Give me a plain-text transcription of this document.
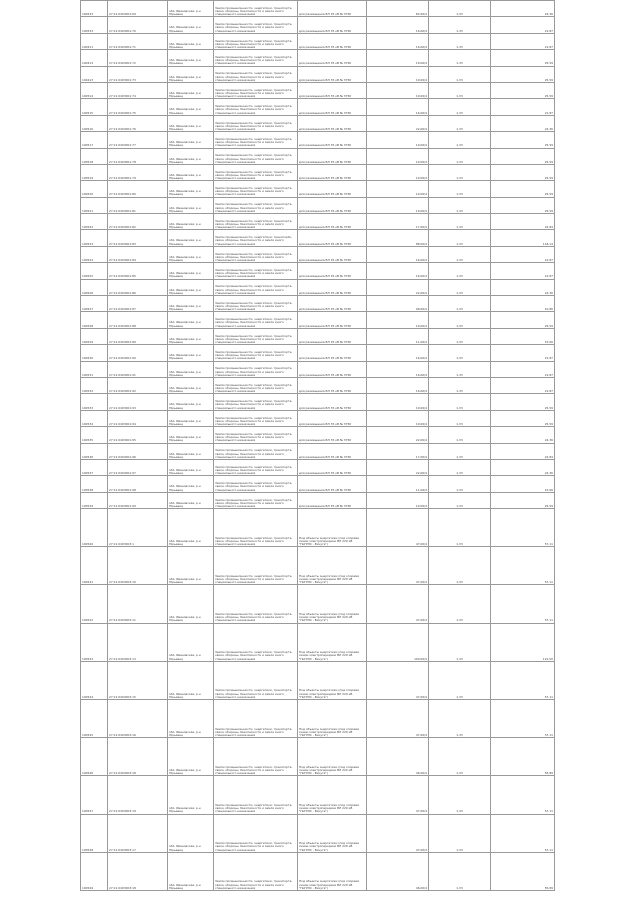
100533	27:21:0403001:69	обл. Ивановская, р-н Юрьевец	Земли промышленности, энергетики, транспорта, связи, обороны, безопасности и земли иного специального назначения	для размещения ВЛ 35 кВ № 375б	82,60/4	1,33	24,36
100533	27:21:0403001:70	обл. Ивановская, р-н Юрьевец	Земли промышленности, энергетики, транспорта, связи, обороны, безопасности и земли иного специального назначения	для размещения ВЛ 35 кВ № 375б	16,00/4	1,33	21,87
100411	27:21:0403001:71	обл. Ивановская, р-н Юрьевец	Земли промышленности, энергетики, транспорта, связи, обороны, безопасности и земли иного специального назначения	для размещения ВЛ 35 кВ № 375б	16,00/4	1,33	21,87
100413	27:21:0403001:72	обл. Ивановская, р-н Юрьевец	Земли промышленности, энергетики, транспорта, связи, обороны, безопасности и земли иного специального назначения	для размещения ВЛ 35 кВ № 375б	19,00/4	1,33	25,59
100413	27:21:0403001:73	обл. Ивановская, р-н Юрьевец	Земли промышленности, энергетики, транспорта, связи, обороны, безопасности и земли иного специального назначения	для размещения ВЛ 35 кВ № 375б	19,00/4	1,33	25,59
100514	27:21:0403001:74	обл. Ивановская, р-н Юрьевец	Земли промышленности, энергетики, транспорта, связи, обороны, безопасности и земли иного специального назначения	для размещения ВЛ 35 кВ № 375б	19,00/4	1,33	25,59
100515	27:21:0403001:75	обл. Ивановская, р-н Юрьевец	Земли промышленности, энергетики, транспорта, связи, обороны, безопасности и земли иного специального назначения	для размещения ВЛ 35 кВ № 375б	16,00/4	1,33	21,87
100516	27:21:0403001:76	обл. Ивановская, р-н Юрьевец	Земли промышленности, энергетики, транспорта, связи, обороны, безопасности и земли иного специального назначения	для размещения ВЛ 35 кВ № 375б	22,00/4	1,33	24,36
100517	27:21:0403001:77	обл. Ивановская, р-н Юрьевец	Земли промышленности, энергетики, транспорта, связи, обороны, безопасности и земли иного специального назначения	для размещения ВЛ 35 кВ № 375б	19,00/4	1,33	25,59
100518	27:21:0403001:78	обл. Ивановская, р-н Юрьевец	Земли промышленности, энергетики, транспорта, связи, обороны, безопасности и земли иного специального назначения	для размещения ВЛ 35 кВ № 375б	19,00/4	1,33	25,59
100519	27:21:0403001:79	обл. Ивановская, р-н Юрьевец	Земли промышленности, энергетики, транспорта, связи, обороны, безопасности и земли иного специального назначения	для размещения ВЛ 35 кВ № 375б	19,00/4	1,33	25,59
100520	27:21:0403001:80	обл. Ивановская, р-н Юрьевец	Земли промышленности, энергетики, транспорта, связи, обороны, безопасности и земли иного специального назначения	для размещения ВЛ 35 кВ № 375б	19,00/4	1,33	25,59
100521	27:21:0403001:81	обл. Ивановская, р-н Юрьевец	Земли промышленности, энергетики, транспорта, связи, обороны, безопасности и земли иного специального назначения	для размещения ВЛ 35 кВ № 375б	19,00/4	1,33	25,59
100522	27:21:0403001:82	обл. Ивановская, р-н Юрьевец	Земли промышленности, энергетики, транспорта, связи, обороны, безопасности и земли иного специального назначения	для размещения ВЛ 35 кВ № 375б	17,00/4	1,33	22,84
100523	27:21:0403001:83	обл. Ивановская, р-н Юрьевец	Земли промышленности, энергетики, транспорta, связи, обороны, безопасности и земли иного специального назначения	для размещения ВЛ 35 кВ № 375б	88,00/4	1,33	118,14
100524	27:21:0403001:84	обл. Ивановская, р-н Юрьевец	Земли промышленности, энергетики, транспорта, связи, обороны, безопасности и земли иного специального назначения	для размещения ВЛ 35 кВ № 375б	16,00/4	1,33	21,87
100525	27:21:0403001:85	обл. Ивановская, р-н Юрьевец	Земли промышленности, энергетики, транспорта, связи, обороны, безопасности и земли иного специального назначения	для размещения ВЛ 35 кВ № 375б	16,00/4	1,33	21,87
100526	27:21:0403001:86	обл. Ивановская, р-н Юрьевец	Земли промышленности, энергетики, транспорта, связи, обороны, безопасности и земли иного специального назначения	для размещения ВЛ 35 кВ № 375б	22,00/4	1,33	24,36
100527	27:21:0403001:87	обл. Ивановская, р-н Юрьевец	Земли промышленности, энергетики, транспорта, связи, обороны, безопасности и земли иного специального назначения	для размещения ВЛ 35 кВ № 375б	08,00/4	1,33	10,86
100528	27:21:0403001:88	обл. Ивановская, р-н Юрьевец	Земли промышленности, энергетики, транспорта, связи, обороны, безопасности и земли иного специального назначения	для размещения ВЛ 35 кВ № 375б	19,00/4	1,33	25,59
100529	27:21:0403001:89	обл. Ивановская, р-н Юрьевец	Земли промышленности, энергетики, транспорта, связи, обороны, безопасности и земли иного специального назначения	для размещения ВЛ 35 кВ № 375б	11,00/4	1,33	15,06
100530	27:21:0403001:90	обл. Ивановская, р-н Юрьевец	Земли промышленности, энергетики, транспорта, связи, обороны, безопасности и земли иного специального назначения	для размещения ВЛ 35 кВ № 375б	16,00/4	1,33	21,87
100531	27:21:0403001:91	обл. Ивановская, р-н Юрьевец	Земли промышленности, энергетики, транспорта, связи, обороны, безопасности и земли иного специального назначения	для размещения ВЛ 35 кВ № 375б	16,00/4	1,33	21,87
100532	27:21:0403001:92	обл. Ивановская, р-н Юрьевец	Земли промышленности, энергетики, транспорта, связи, обороны, безопасности и земли иного специального назначения	для размещения ВЛ 35 кВ № 375б	16,00/4	1,33	21,87
100533	27:21:0403001:93	обл. Ивановская, р-н Юрьевец	Земли промышленности, энергетики, транспорта, связи, обороны, безопасности и земли иного специального назначения	для размещения ВЛ 35 кВ № 375б	19,00/4	1,33	25,59
100534	27:21:0403001:94	обл. Ивановская, р-н Юрьевец	Земли промышленности, энергетики, транспорта, связи, обороны, безопасности и земли иного специального назначения	для размещения ВЛ 35 кВ № 375б	19,00/4	1,33	25,59
100535	27:21:0403001:95	обл. Ивановская, р-н Юрьевец	Земли промышленности, энергетики, транспорта, связи, обороны, безопасности и земли иного специального назначения	для размещения ВЛ 35 кВ № 375б	22,00/4	1,33	24,36
100536	27:21:0403001:96	обл. Ивановская, р-н Юрьевец	Земли промышленности, энергетики, транспорта, связи, обороны, безопасности и земли иного специального назначения	для размещения ВЛ 35 кВ № 375б	17,00/4	1,33	22,84
100537	27:21:0403001:97	обл. Ивановская, р-н Юрьевец	Земли промышленности, энергетики, транспорта, связи, обороны, безопасности и земли иного специального назначения	для размещения ВЛ 35 кВ № 375б	22,00/4	1,33	24,36
100538	27:21:0403001:98	обл. Ивановская, р-н Юрьевец	Земли промышленности, энергетики, транспорта, связи, обороны, безопасности и земли иного специального назначения	для размещения ВЛ 35 кВ № 375б	11,00/4	1,33	15,06
100539	27:21:0403001:99	обл. Ивановская, р-н Юрьевец	Земли промышленности, энергетики, транспорта, связи, обороны, безопасности и земли иного специального назначения	для размещения ВЛ 35 кВ № 375б	19,00/4	1,33	25,59
100540	27:21:0403003:1	обл. Ивановская, р-н Юрьевец	Земли промышленности, энергетики, транспорта, связи, обороны, безопасности и земли иного специального назначения	Под объекты энергетики (под опорами линии электропередачи ВЛ 220 кВ "НиГРЭС - Вичуга")	47,00/4	1,33	57,11
100541	27:21:0403003:10	обл. Ивановская, р-н Юрьевец	Земли промышленности, энергетики, транспорта, связи, обороны, безопасности и земли иного специального назначения	Под объекты энергетики (под опорами линии электропередачи ВЛ 220 кВ "НиГРЭС - Вичуга")	47,00/4	1,33	57,11
100542	27:21:0403003:11	обл. Ивановская, р-н Юрьевец	Земли промышленности, энергетики, транспорта, связи, обороны, безопасности и земли иного специального назначения	Под объекты энергетики (под опорами линии электропередачи ВЛ 220 кВ "НиГРЭС - Вичуга")	47,00/4	1,33	57,11
100543	27:21:0403003:13	обл. Ивановская, р-н Юрьевец	Земли промышленности, энергетики, транспорта, связи, обороны, безопасности и земли иного специального назначения	Под объекты энергетики (под опорами линии электропередачи ВЛ 220 кВ "НиГРЭС - Вичуга")	100,00/4	1,33	121,50
100544	27:21:0403003:15	обл. Ивановская, р-н Юрьевец	Земли промышленности, энергетики, транспорта, связи, обороны, безопасности и земли иного специального назначения	Под объекты энергетики (под опорами линии электропередачи ВЛ 220 кВ "НиГРЭС - Вичуга")	47,00/4	1,33	57,11
100545	27:21:0403003:16	обл. Ивановская, р-н Юрьевец	Земли промышленности, энергетики, транспорта, связи, обороны, безопасности и земли иного специального назначения	Под объекты энергетики (под опорами линии электропередачи ВЛ 220 кВ "НиГРЭС - Вичуга")	47,00/4	1,33	57,11
100546	27:21:0403003:18	обл. Ивановская, р-н Юрьевец	Земли промышленности, энергетики, транспорта, связи, обороны, безопасности и земли иного специального назначения	Под объекты энергетики (под опорами линии электропередачи ВЛ 220 кВ "НиГРЭС - Вичуга")	46,00/4	1,33	55,89
100547	27:21:0403003:19	обл. Ивановская, р-н Юрьевец	Земли промышленности, энергетики, транспорта, связи, обороны, безопасности и земли иного специального назначения	Под объекты энергетики (под опорами линии электропередачи ВЛ 220 кВ "НиГРЭС - Вичуга")	47,00/4	1,33	57,11
100548	27:21:0403003:17	обл. Ивановская, р-н Юрьевец	Земли промышленности, энергетики, транспорта, связи, обороны, безопасности и земли иного специального назначения	Под объекты энергетики (под опорами линии электропередачи ВЛ 220 кВ "НиГРЭС - Вичуга")	47,00/4	1,33	57,11
100549	27:21:0403003:18	обл. Ивановская, р-н Юрьевец	Земли промышленности, энергетики, транспорта, связи, обороны, безопасности и земли иного специального назначения	Под объекты энергетики (под опорами линии электропередачи ВЛ 220 кВ "НиГРЭС - Вичуга")	46,00/4	1,33	55,89
